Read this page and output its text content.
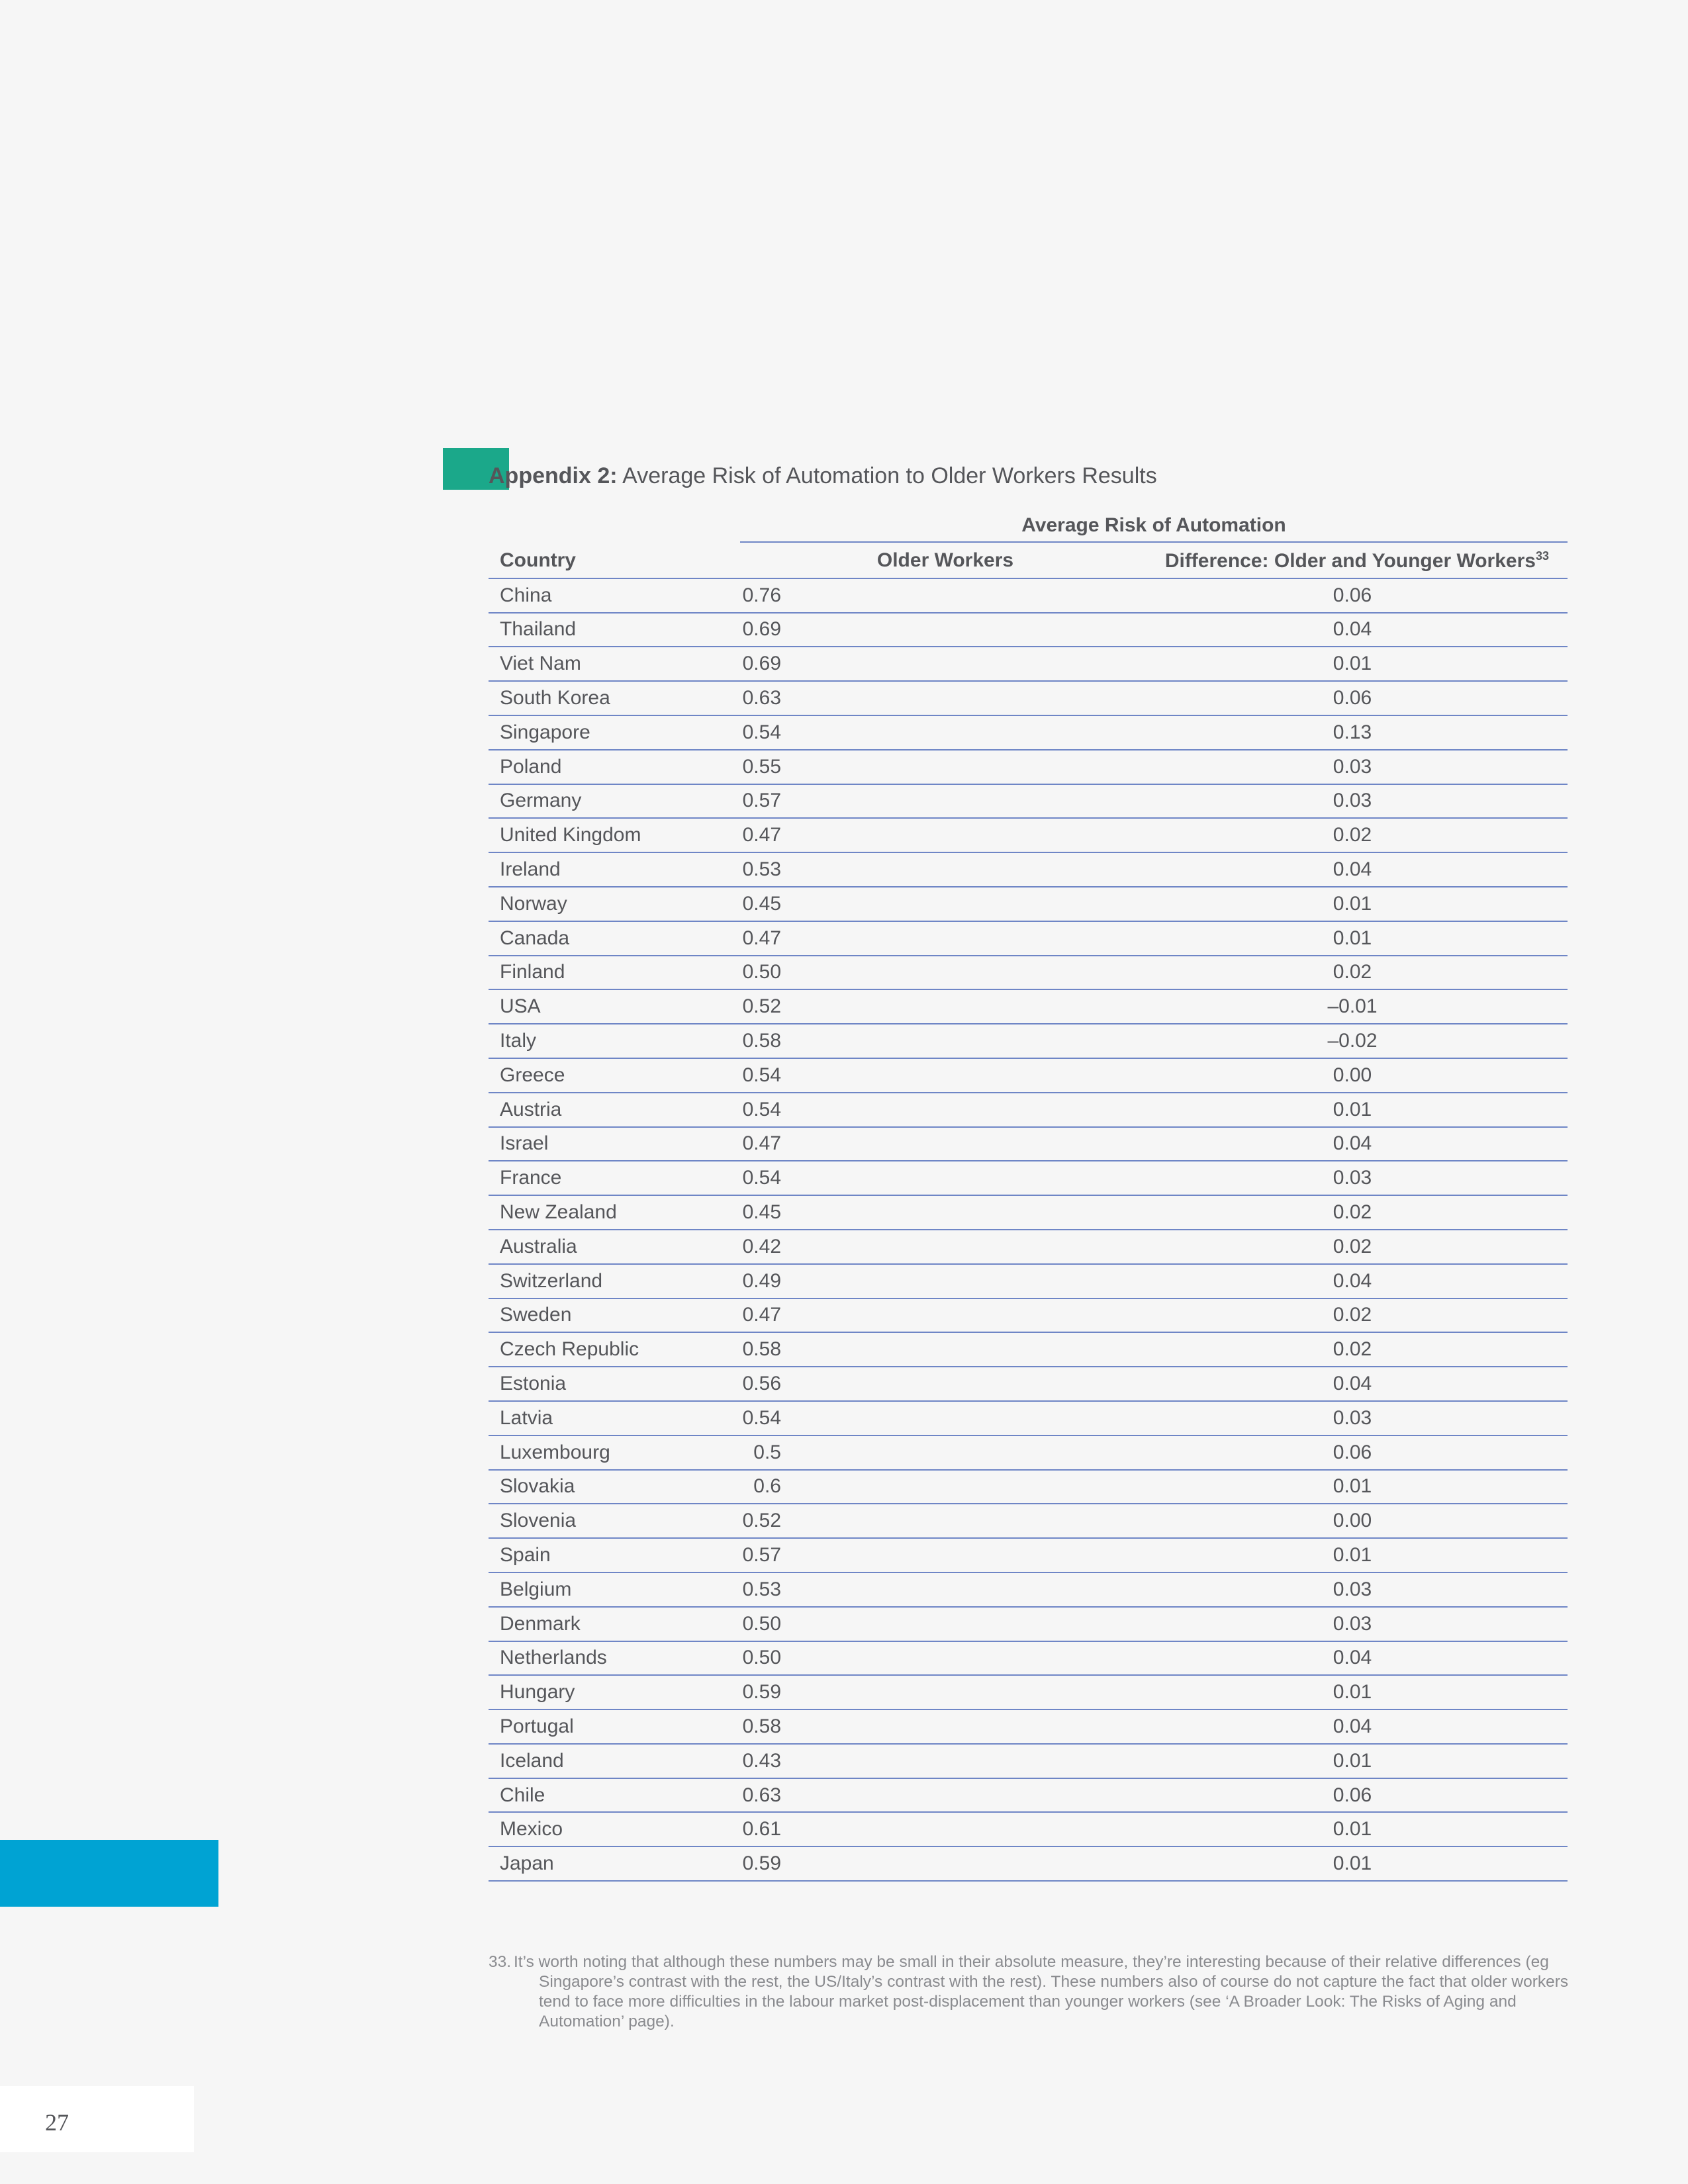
27
Appendix 2: Average Risk of Automation to Older Workers Results
Average Risk of Automation
Country	Older Workers	Difference: Older and Younger Workers$^{33}$
China	0.76	0.06
Thailand	0.69	0.04
Viet Nam	0.69	0.01
South Korea	0.63	0.06
Singapore	0.54	0.13
Poland	0.55	0.03
Germany	0.57	0.03
United Kingdom	0.47	0.02
Ireland	0.53	0.04
Norway	0.45	0.01
Canada	0.47	0.01
Finland	0.50	0.02
USA	0.52	–0.01
Italy	0.58	–0.02
Greece	0.54	0.00
Austria	0.54	0.01
Israel	0.47	0.04
France	0.54	0.03
New Zealand	0.45	0.02
Australia	0.42	0.02
Switzerland	0.49	0.04
Sweden	0.47	0.02
Czech Republic	0.58	0.02
Estonia	0.56	0.04
Latvia	0.54	0.03
Luxembourg	0.5	0.06
Slovakia	0.6	0.01
Slovenia	0.52	0.00
Spain	0.57	0.01
Belgium	0.53	0.03
Denmark	0.50	0.03
Netherlands	0.50	0.04
Hungary	0.59	0.01
Portugal	0.58	0.04
Iceland	0.43	0.01
Chile	0.63	0.06
Mexico	0.61	0.01
Japan	0.59	0.01
33. It’s worth noting that although these numbers may be small in their absolute measure, they’re interesting because of their relative differences (eg Singapore’s contrast with the rest, the US/Italy’s contrast with the rest). These numbers also of course do not capture the fact that older workers tend to face more difficulties in the labour market post-displacement than younger workers (see ‘A Broader Look: The Risks of Aging and Automation’ page).
